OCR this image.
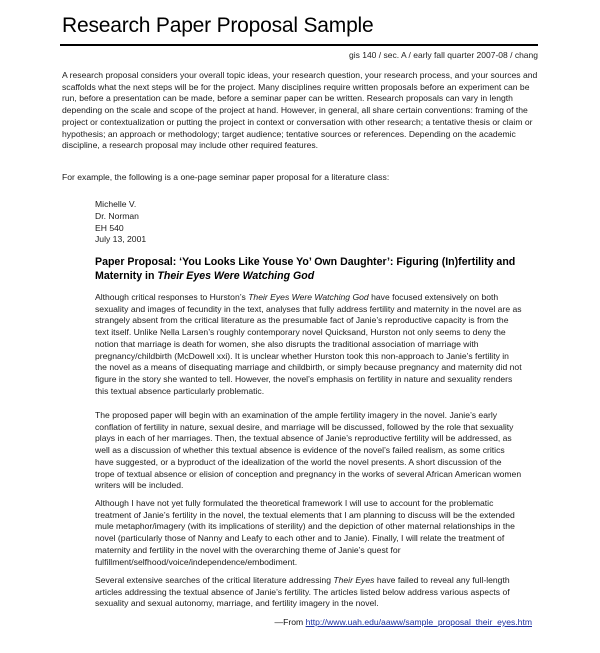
Research Paper Proposal Sample
gis 140 / sec. A / early fall quarter 2007-08 / chang
A research proposal considers your overall topic ideas, your research question, your research process, and your sources and scaffolds what the next steps will be for the project. Many disciplines require written proposals before an experiment can be run, before a presentation can be made, before a seminar paper can be written. Research proposals can vary in length depending on the scale and scope of the project at hand. However, in general, all share certain conventions: framing of the project or contextualization or putting the project in context or conversation with other research; a tentative thesis or claim or hypothesis; an approach or methodology; target audience; tentative sources or references. Depending on the academic discipline, a research proposal may include other required features.
For example, the following is a one-page seminar paper proposal for a literature class:
Michelle V.
Dr. Norman
EH 540
July 13, 2001
Paper Proposal: ‘You Looks Like Youse Yo’ Own Daughter’: Figuring (In)fertility and Maternity in Their Eyes Were Watching God
Although critical responses to Hurston’s Their Eyes Were Watching God have focused extensively on both sexuality and images of fecundity in the text, analyses that fully address fertility and maternity in the novel are as strangely absent from the critical literature as the presumable fact of Janie’s reproductive capacity is from the text itself. Unlike Nella Larsen’s roughly contemporary novel Quicksand, Hurston not only seems to deny the notion that marriage is death for women, she also disrupts the traditional association of marriage with pregnancy/childbirth (McDowell xxi). It is unclear whether Hurston took this non-approach to Janie’s fertility in the novel as a means of disequating marriage and childbirth, or simply because pregnancy and maternity did not figure in the story she wanted to tell. However, the novel’s emphasis on fertility in nature and sexuality renders this textual absence particularly problematic.
The proposed paper will begin with an examination of the ample fertility imagery in the novel. Janie’s early conflation of fertility in nature, sexual desire, and marriage will be discussed, followed by the role that sexuality plays in each of her marriages. Then, the textual absence of Janie’s reproductive fertility will be addressed, as well as a discussion of whether this textual absence is evidence of the novel’s failed realism, as some critics have suggested, or a byproduct of the idealization of the world the novel presents. A short discussion of the trope of textual absence or elision of conception and pregnancy in the works of several African American women writers will be included.
Although I have not yet fully formulated the theoretical framework I will use to account for the problematic treatment of Janie’s fertility in the novel, the textual elements that I am planning to discuss will be the extended mule metaphor/imagery (with its implications of sterility) and the depiction of other maternal relationships in the novel (particularly those of Nanny and Leafy to each other and to Janie). Finally, I will relate the treatment of maternity and fertility in the novel with the overarching theme of Janie’s quest for fulfillment/selfhood/voice/independence/embodiment.
Several extensive searches of the critical literature addressing Their Eyes have failed to reveal any full-length articles addressing the textual absence of Janie’s fertility. The articles listed below address various aspects of sexuality and sexual autonomy, marriage, and fertility imagery in the novel.
—From http://www.uah.edu/aaww/sample_proposal_their_eyes.htm
